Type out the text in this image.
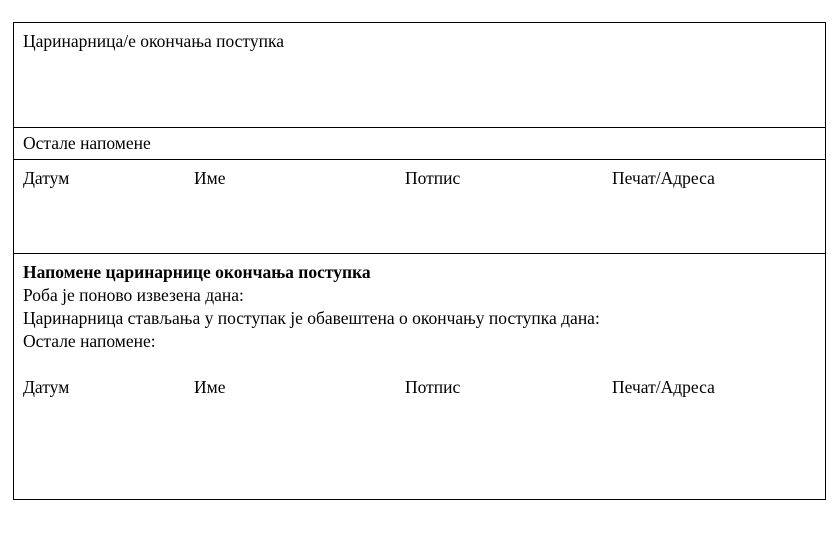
Царинарница/е окончања поступка
Остале напомене
Датум	Име	Потпис	Печат/Адреса
Напомене царинарнице окончања поступка
Роба је поново извезена дана:
Царинарница стављања у поступак је обавештена о окончању поступка дана:
Остале напомене:
Датум	Име	Потпис	Печат/Адреса
